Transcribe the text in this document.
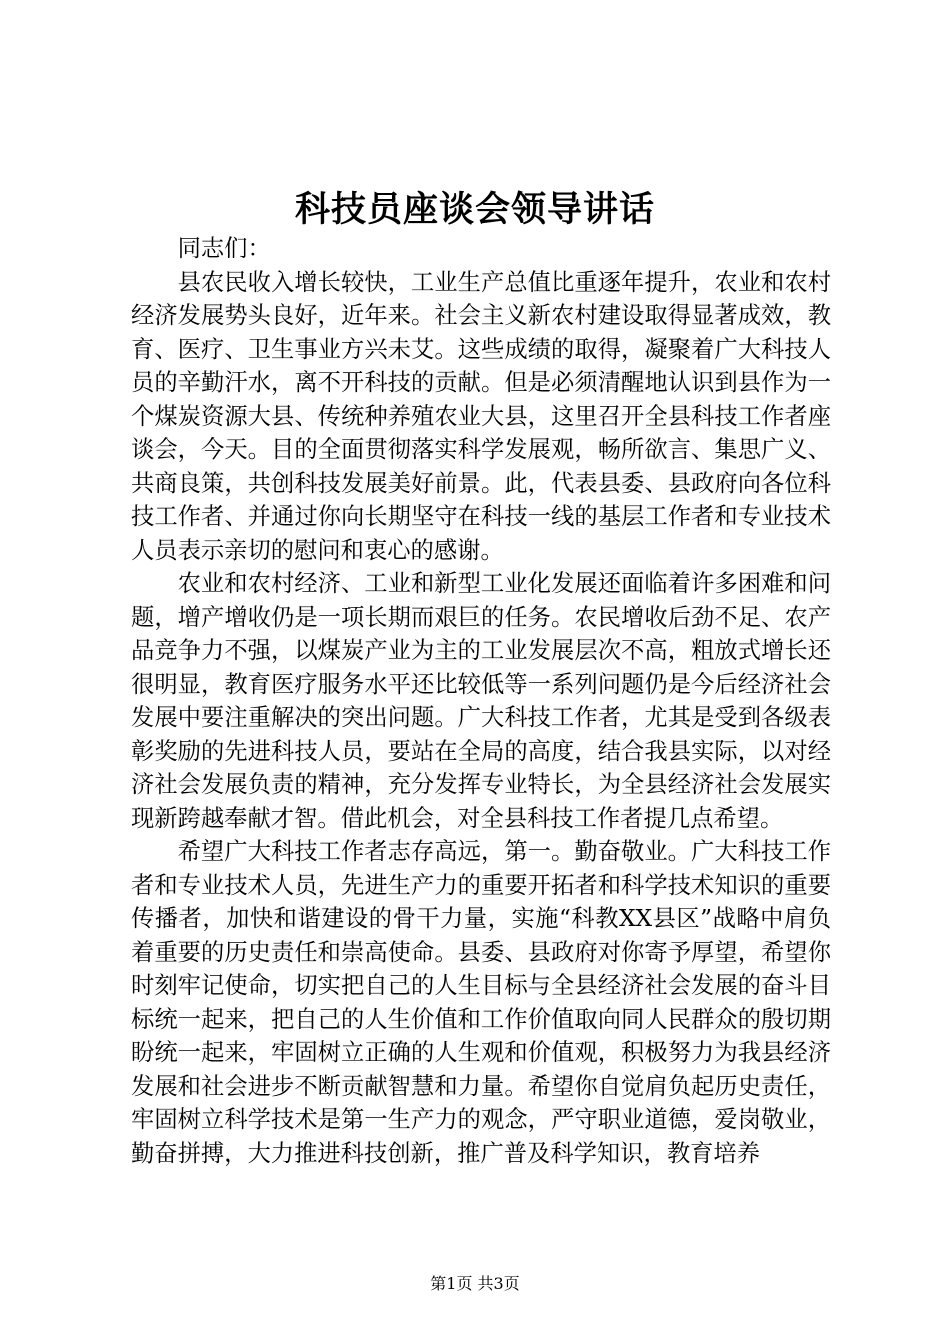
科技员座谈会领导讲话

同志们：

县农民收入增长较快，工业生产总值比重逐年提升，农业和农村经济发展势头良好，近年来。社会主义新农村建设取得显著成效，教育、医疗、卫生事业方兴未艾。这些成绩的取得，凝聚着广大科技人员的辛勤汗水，离不开科技的贡献。但是必须清醒地认识到县作为一个煤炭资源大县、传统种养殖农业大县，这里召开全县科技工作者座谈会，今天。目的全面贯彻落实科学发展观，畅所欲言、集思广义、共商良策，共创科技发展美好前景。此，代表县委、县政府向各位科技工作者、并通过你向长期坚守在科技一线的基层工作者和专业技术人员表示亲切的慰问和衷心的感谢。

农业和农村经济、工业和新型工业化发展还面临着许多困难和问题，增产增收仍是一项长期而艰巨的任务。农民增收后劲不足、农产品竞争力不强，以煤炭产业为主的工业发展层次不高，粗放式增长还很明显，教育医疗服务水平还比较低等一系列问题仍是今后经济社会发展中要注重解决的突出问题。广大科技工作者，尤其是受到各级表彰奖励的先进科技人员，要站在全局的高度，结合我县实际，以对经济社会发展负责的精神，充分发挥专业特长，为全县经济社会发展实现新跨越奉献才智。借此机会，对全县科技工作者提几点希望。

希望广大科技工作者志存高远，第一。勤奋敬业。广大科技工作者和专业技术人员，先进生产力的重要开拓者和科学技术知识的重要传播者，加快和谐建设的骨干力量，实施“科教XX县区”战略中肩负着重要的历史责任和崇高使命。县委、县政府对你寄予厚望，希望你时刻牢记使命，切实把自己的人生目标与全县经济社会发展的奋斗目标统一起来，把自己的人生价值和工作价值取向同人民群众的殷切期盼统一起来，牢固树立正确的人生观和价值观，积极努力为我县经济发展和社会进步不断贡献智慧和力量。希望你自觉肩负起历史责任，牢固树立科学技术是第一生产力的观念，严守职业道德，爱岗敬业，勤奋拼搏，大力推进科技创新，推广普及科学知识，教育培养

第1页 共3页
